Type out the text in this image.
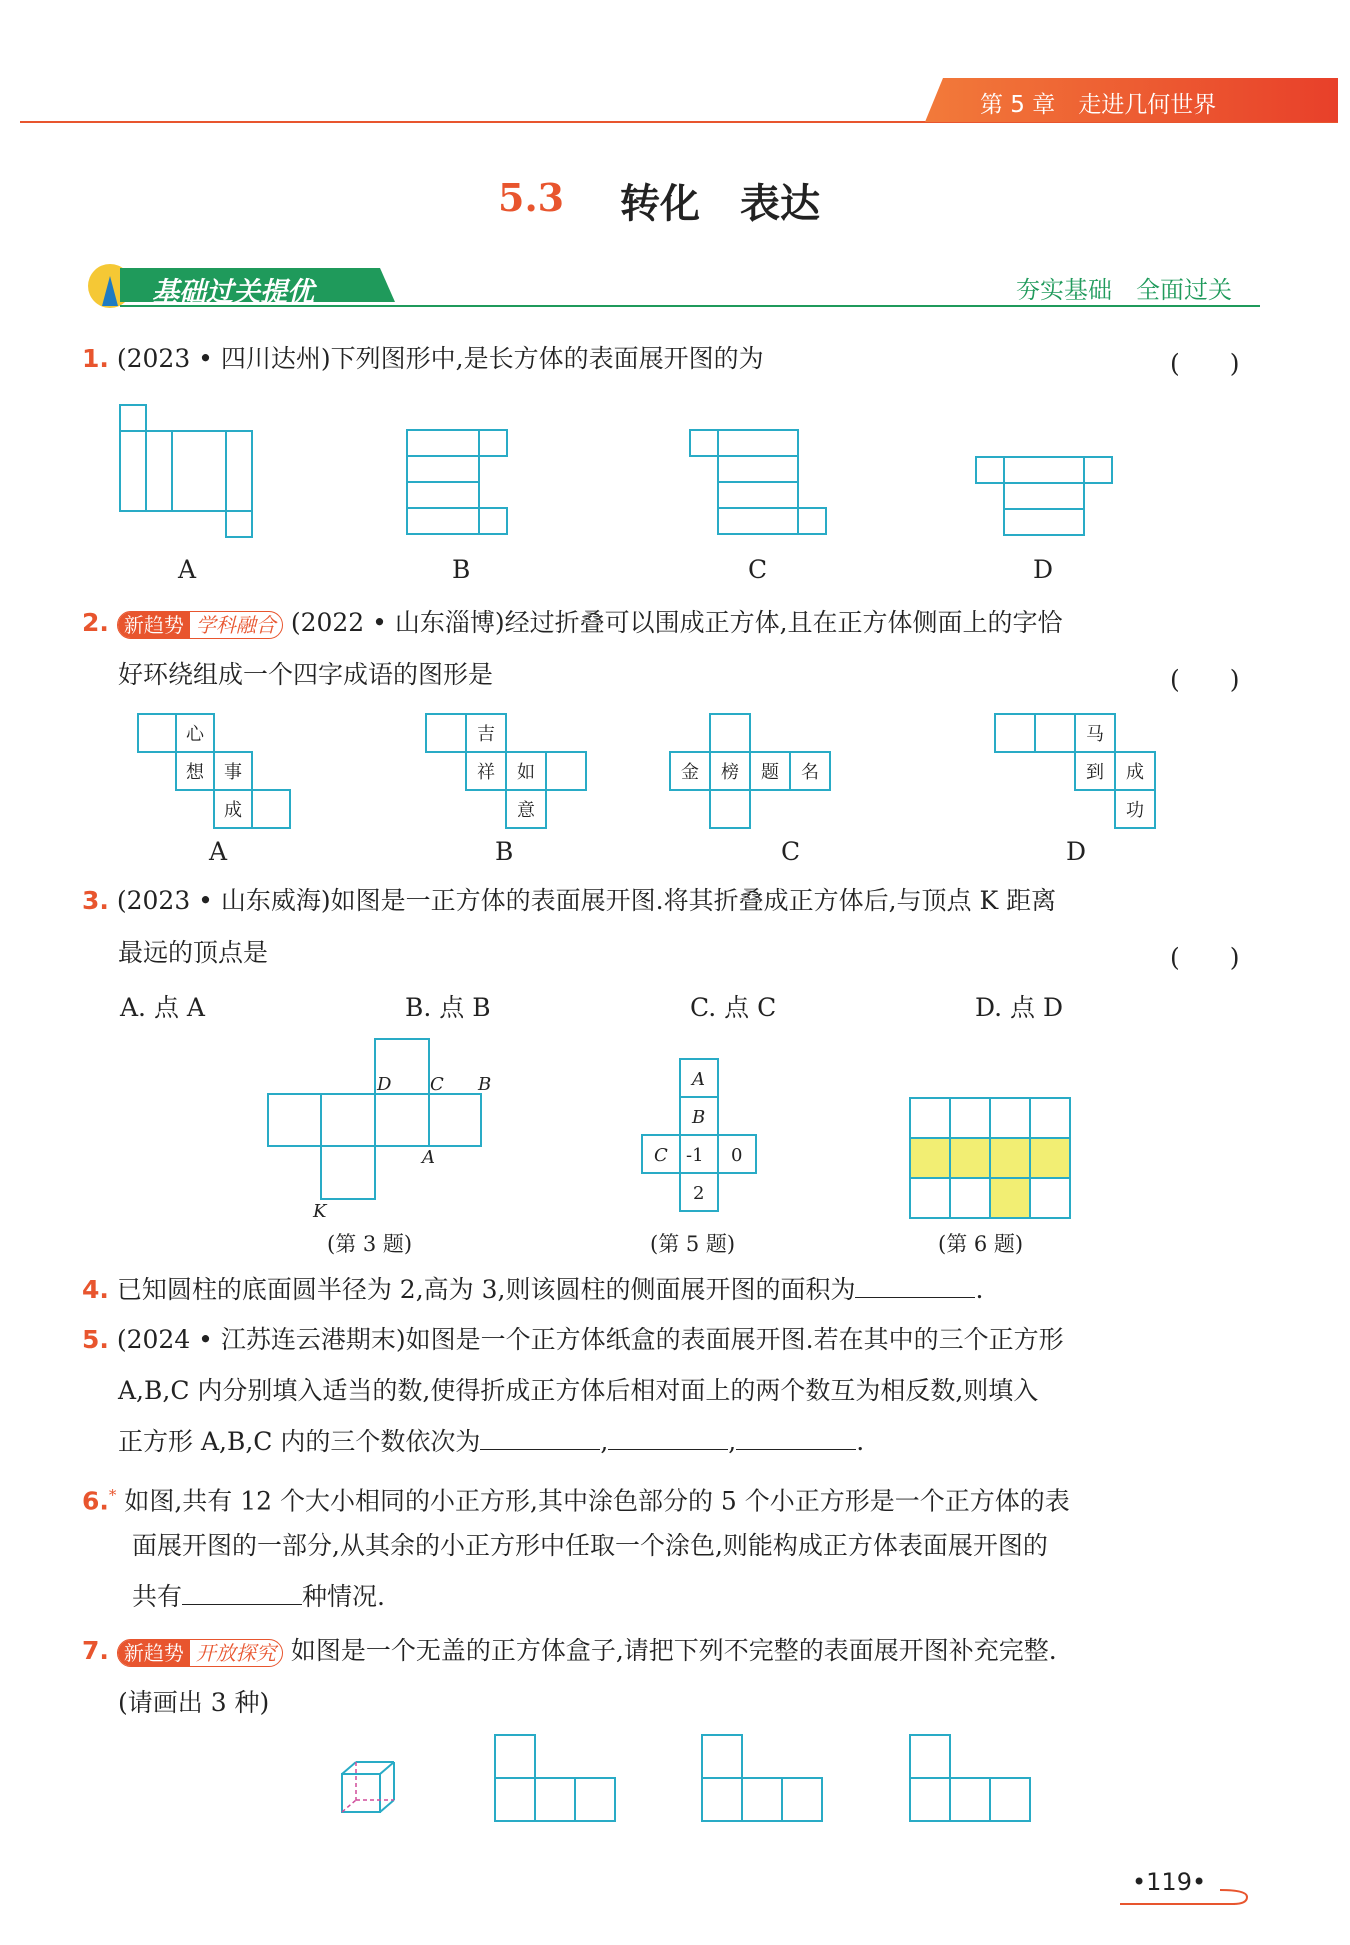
第 5 章　走进几何世界
5.3 转化　表达
基础过关提优	夯实基础　全面过关
1. (2023 • 四川达州)下列图形中,是长方体的表面展开图的为	(　　)
A	B	C	D
2. 新趋势 学科融合 (2022 • 山东淄博)经过折叠可以围成正方体,且在正方体侧面上的字恰
好环绕组成一个四字成语的图形是	(　　)
心
想 事
成
吉
祥 如
意
金 榜 题 名
马
到 成
功
A	B	C	D
3. (2023 • 山东威海)如图是一正方体的表面展开图.将其折叠成正方体后,与顶点 K 距离
最远的顶点是	(　　)
A. 点 A	B. 点 B	C. 点 C	D. 点 D
D C B
A
K
(第 3 题)
A
B
C -1 0
2
(第 5 题)	(第 6 题)
4. 已知圆柱的底面圆半径为 2,高为 3,则该圆柱的侧面展开图的面积为	.
5. (2024 • 江苏连云港期末)如图是一个正方体纸盒的表面展开图.若在其中的三个正方形
A,B,C 内分别填入适当的数,使得折成正方体后相对面上的两个数互为相反数,则填入
正方形 A,B,C 内的三个数依次为	,	,	.
6.* 如图,共有 12 个大小相同的小正方形,其中涂色部分的 5 个小正方形是一个正方体的表
面展开图的一部分,从其余的小正方形中任取一个涂色,则能构成正方体表面展开图的
共有	种情况.
7. 新趋势 开放探究 如图是一个无盖的正方体盒子,请把下列不完整的表面展开图补充完整.
(请画出 3 种)
•119•
